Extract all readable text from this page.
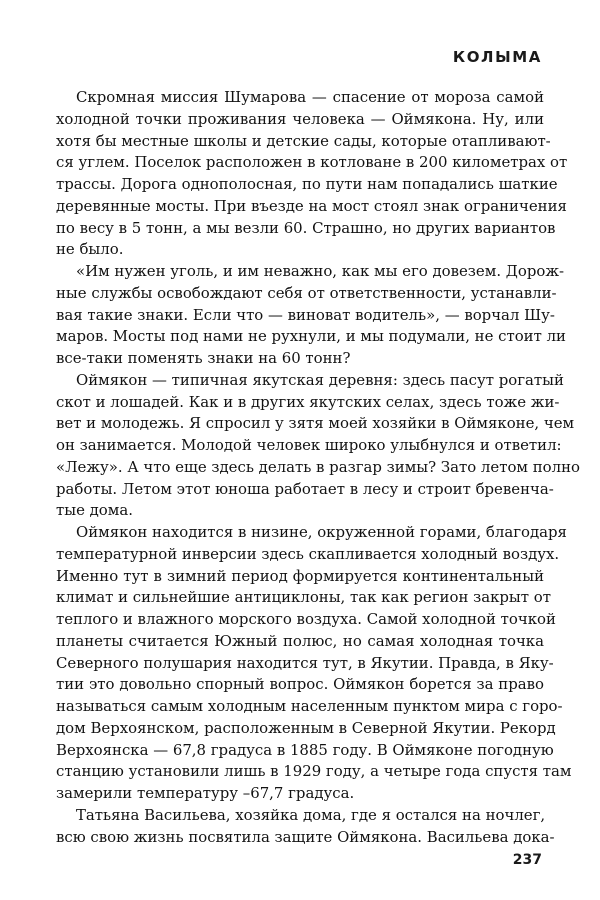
КОЛЫМА

Скромная миссия Шумарова — спасение от мороза самой
холодной точки проживания человека — Оймякона. Ну, или
хотя бы местные школы и детские сады, которые отапливают-
ся углем. Поселок расположен в котловане в 200 километрах от
трассы. Дорога однополосная, по пути нам попадались шаткие
деревянные мосты. При въезде на мост стоял знак ограничения
по весу в 5 тонн, а мы везли 60. Страшно, но других вариантов
не было.

«Им нужен уголь, и им неважно, как мы его довезем. Дорож-
ные службы освобождают себя от ответственности, устанавли-
вая такие знаки. Если что — виноват водитель», — ворчал Шу-
маров. Мосты под нами не рухнули, и мы подумали, не стоит ли
все-таки поменять знаки на 60 тонн?

Оймякон — типичная якутская деревня: здесь пасут рогатый
скот и лошадей. Как и в других якутских селах, здесь тоже жи-
вет и молодежь. Я спросил у зятя моей хозяйки в Оймяконе, чем
он занимается. Молодой человек широко улыбнулся и ответил:
«Лежу». А что еще здесь делать в разгар зимы? Зато летом полно
работы. Летом этот юноша работает в лесу и строит бревенча-
тые дома.

Оймякон находится в низине, окруженной горами, благодаря
температурной инверсии здесь скапливается холодный воздух.
Именно тут в зимний период формируется континентальный
климат и сильнейшие антициклоны, так как регион закрыт от
теплого и влажного морского воздуха. Самой холодной точкой
планеты считается Южный полюс, но самая холодная точка
Северного полушария находится тут, в Якутии. Правда, в Яку-
тии это довольно спорный вопрос. Оймякон борется за право
называться самым холодным населенным пунктом мира с горо-
дом Верхоянском, расположенным в Северной Якутии. Рекорд
Верхоянска — 67,8 градуса в 1885 году. В Оймяконе погодную
станцию установили лишь в 1929 году, а четыре года спустя там
замерили температуру –67,7 градуса.

Татьяна Васильева, хозяйка дома, где я остался на ночлег,
всю свою жизнь посвятила защите Оймякона. Васильева дока-

237
